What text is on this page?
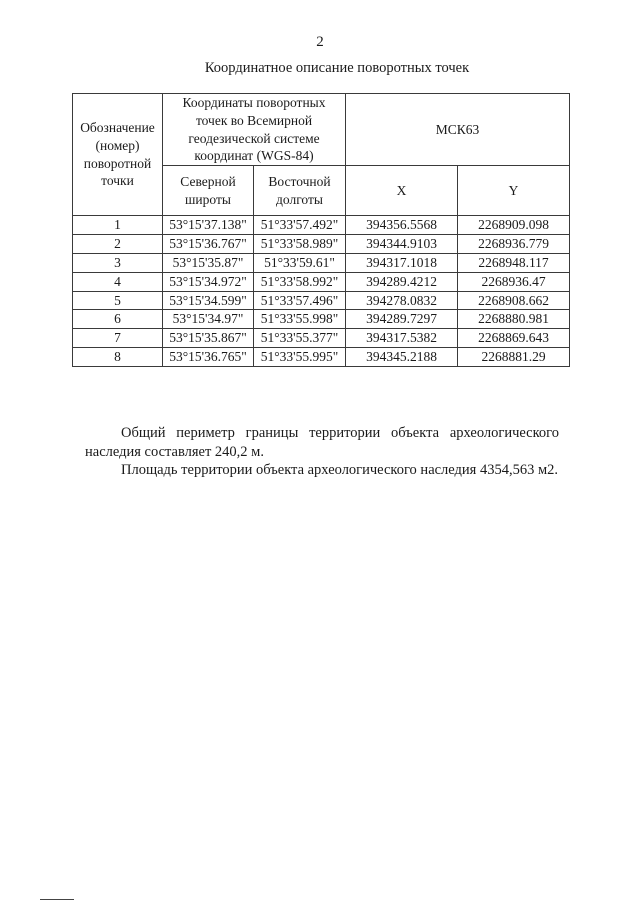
2
Координатное описание поворотных точек
Обозначение (номер) поворотной точки	Координаты поворотных точек во Всемирной геодезической системе координат (WGS-84)		МСК63	
	Северной широты	Восточной долготы	X	Y
1	53°15'37.138"	51°33'57.492"	394356.5568	2268909.098
2	53°15'36.767"	51°33'58.989"	394344.9103	2268936.779
3	53°15'35.87"	51°33'59.61"	394317.1018	2268948.117
4	53°15'34.972"	51°33'58.992"	394289.4212	2268936.47
5	53°15'34.599"	51°33'57.496"	394278.0832	2268908.662
6	53°15'34.97"	51°33'55.998"	394289.7297	2268880.981
7	53°15'35.867"	51°33'55.377"	394317.5382	2268869.643
8	53°15'36.765"	51°33'55.995"	394345.2188	2268881.29

Общий периметр границы территории объекта археологического наследия составляет 240,2 м.

Площадь территории объекта археологического наследия 4354,563 м2.
